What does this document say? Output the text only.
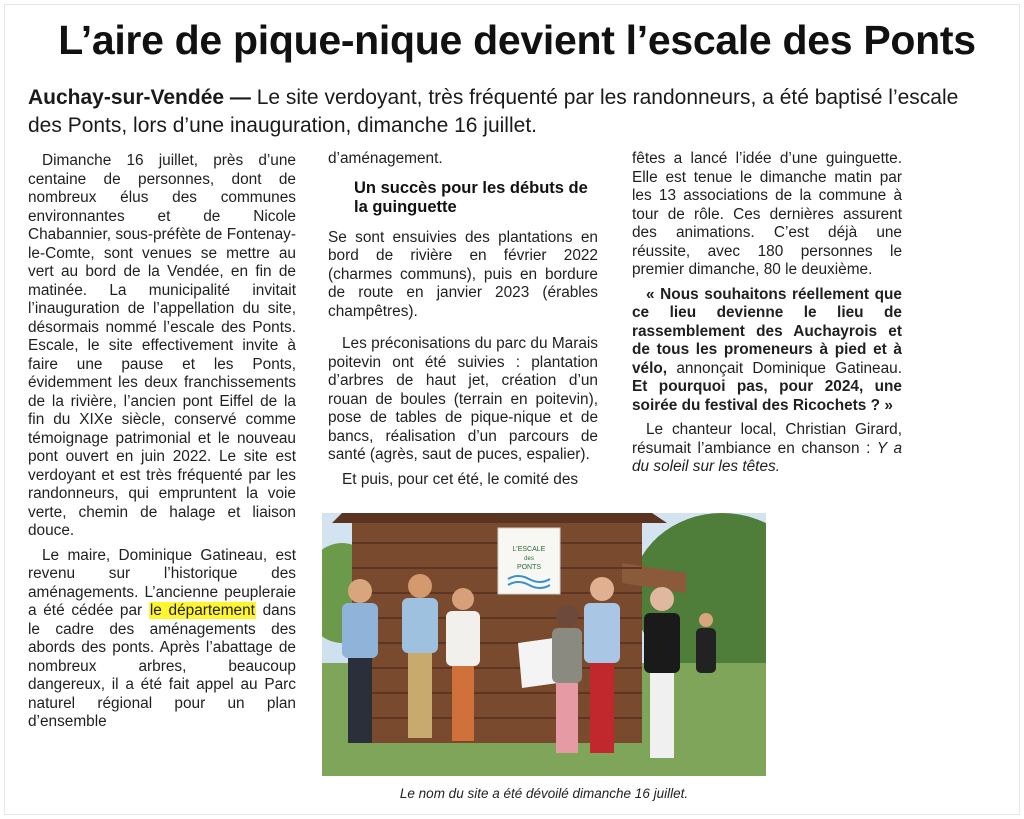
L’aire de pique-nique devient l’escale des Ponts

Auchay-sur-Vendée — Le site verdoyant, très fréquenté par les randonneurs, a été baptisé l’escale des Ponts, lors d’une inauguration, dimanche 16 juillet.

Dimanche 16 juillet, près d’une centaine de personnes, dont de nombreux élus des communes environnantes et de Nicole Chabannier, sous-préfète de Fontenay-le-Comte, sont venues se mettre au vert au bord de la Vendée, en fin de matinée. La municipalité invitait l’inauguration de l’appellation du site, désormais nommé l’escale des Ponts. Escale, le site effectivement invite à faire une pause et les Ponts, évidemment les deux franchissements de la rivière, l’ancien pont Eiffel de la fin du XIXe siècle, conservé comme témoignage patrimonial et le nouveau pont ouvert en juin 2022. Le site est verdoyant et est très fréquenté par les randonneurs, qui empruntent la voie verte, chemin de halage et liaison douce.

Le maire, Dominique Gatineau, est revenu sur l’historique des aménagements. L’ancienne peupleraie a été cédée par le département dans le cadre des aménagements des abords des ponts. Après l’abattage de nombreux arbres, beaucoup dangereux, il a été fait appel au Parc naturel régional pour un plan d’ensemble

d’aménagement.

Un succès pour les débuts de la guinguette

Se sont ensuivies des plantations en bord de rivière en février 2022 (charmes communs), puis en bordure de route en janvier 2023 (érables champêtres).

Les préconisations du parc du Marais poitevin ont été suivies : plantation d’arbres de haut jet, création d’un rouan de boules (terrain en poitevin), pose de tables de pique-nique et de bancs, réalisation d’un parcours de santé (agrès, saut de puces, espalier).

Et puis, pour cet été, le comité des

fêtes a lancé l’idée d’une guinguette. Elle est tenue le dimanche matin par les 13 associations de la commune à tour de rôle. Ces dernières assurent des animations. C’est déjà une réussite, avec 180 personnes le premier dimanche, 80 le deuxième.

« Nous souhaitons réellement que ce lieu devienne le lieu de rassemblement des Auchayrois et de tous les promeneurs à pied et à vélo, annonçait Dominique Gatineau. Et pourquoi pas, pour 2024, une soirée du festival des Ricochets ? »

Le chanteur local, Christian Girard, résumait l’ambiance en chanson : Y a du soleil sur les têtes.

L’ESCALE
des
PONTS

Le nom du site a été dévoilé dimanche 16 juillet.
